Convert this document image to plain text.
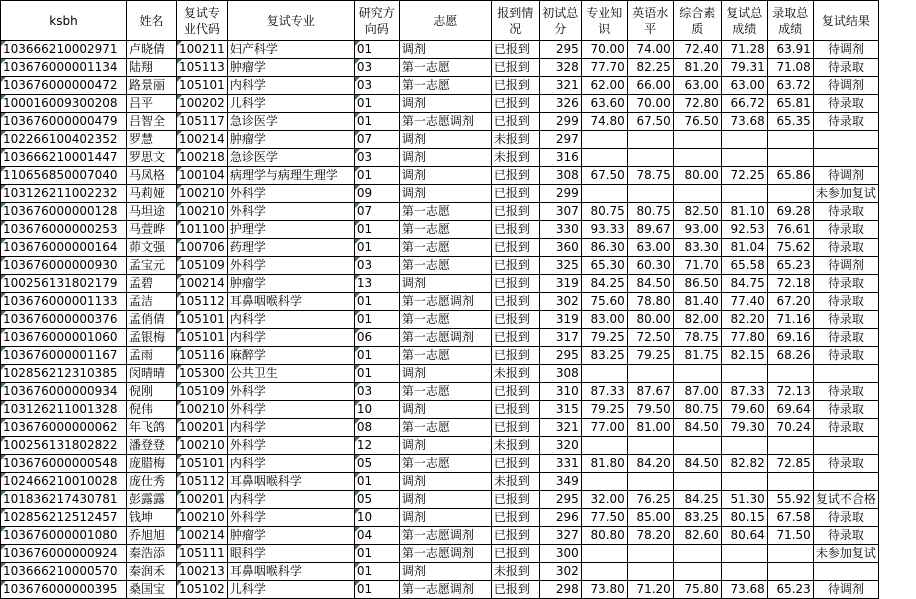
ksbh	姓名	复试专业代码	复试专业	研究方向码	志愿	报到情况	初试总分	专业知识	英语水平	综合素质	复试总成绩	录取总成绩	复试结果
103666210002971	卢晓倩	100211	妇产科学	01	调剂	已报到	295	70.00	74.00	72.40	71.28	63.91	待调剂
103676000001134	陆翔	105113	肿瘤学	03	第一志愿	已报到	328	77.70	82.25	81.20	79.31	71.08	待录取
103676000000472	路景丽	105101	内科学	03	第一志愿	已报到	321	62.00	66.00	63.00	63.00	63.72	待调剂
100016009300208	吕平	100202	儿科学	01	调剂	已报到	326	63.60	70.00	72.80	66.72	65.81	待录取
103676000000479	吕智全	105117	急诊医学	01	第一志愿调剂	已报到	299	74.80	67.50	76.50	73.68	65.35	待录取
102266100402352	罗慧	100214	肿瘤学	07	调剂	未报到	297						
103666210001447	罗思文	100218	急诊医学	03	调剂	未报到	316						
110656850007040	马凤格	100104	病理学与病理生理学	01	调剂	已报到	308	67.50	78.75	80.00	72.25	65.86	待调剂
103126211002232	马莉娅	100210	外科学	09	调剂	已报到	299						未参加复试
103676000000128	马坦途	100210	外科学	07	第一志愿	已报到	307	80.75	80.75	82.50	81.10	69.28	待录取
103676000000253	马萱晔	101100	护理学	01	第一志愿	已报到	330	93.33	89.67	93.00	92.53	76.61	待录取
103676000000164	茆文强	100706	药理学	01	第一志愿	已报到	360	86.30	63.00	83.30	81.04	75.62	待录取
103676000000930	孟宝元	105109	外科学	03	第一志愿	已报到	325	65.30	60.30	71.70	65.58	65.23	待调剂
100256131802179	孟碧	100214	肿瘤学	13	调剂	已报到	319	84.25	84.50	86.50	84.75	72.18	待录取
103676000001133	孟洁	105112	耳鼻咽喉科学	01	第一志愿调剂	已报到	302	75.60	78.80	81.40	77.40	67.20	待录取
103676000000376	孟俏倩	105101	内科学	01	第一志愿	已报到	319	83.00	80.00	82.00	82.20	71.16	待录取
103676000001060	孟银梅	105101	内科学	06	第一志愿调剂	已报到	317	79.25	72.50	78.75	77.80	69.16	待录取
103676000001167	孟雨	105116	麻醉学	01	第一志愿	已报到	295	83.25	79.25	81.75	82.15	68.26	待录取
102856212310385	闵晴晴	105300	公共卫生	01	调剂	未报到	308						
103676000000934	倪刚	105109	外科学	03	第一志愿	已报到	310	87.33	87.67	87.00	87.33	72.13	待录取
103126211001328	倪伟	100210	外科学	10	调剂	已报到	315	79.25	79.50	80.75	79.60	69.64	待录取
103676000000062	年飞鸽	100201	内科学	08	第一志愿	已报到	321	77.00	81.00	84.50	79.30	70.24	待录取
100256131802822	潘登登	100210	外科学	12	调剂	未报到	320						
103676000000548	庞腊梅	105101	内科学	05	第一志愿	已报到	331	81.80	84.20	84.50	82.82	72.85	待录取
102466210010028	庞仕秀	105112	耳鼻咽喉科学	01	调剂	未报到	349						
101836217430781	彭露露	100201	内科学	05	调剂	已报到	295	32.00	76.25	84.25	51.30	55.92	复试不合格
102856212512457	钱坤	100210	外科学	10	调剂	已报到	296	77.50	85.00	83.25	80.15	67.58	待录取
103676000001080	乔旭旭	100214	肿瘤学	04	第一志愿调剂	已报到	327	80.80	78.20	82.60	80.64	71.50	待录取
103676000000924	秦浩添	105111	眼科学	01	第一志愿调剂	已报到	300						未参加复试
103666210000570	秦润禾	100213	耳鼻咽喉科学	01	调剂	未报到	302						
103676000000395	桑国宝	105102	儿科学	01	第一志愿调剂	已报到	298	73.80	71.20	75.80	73.68	65.23	待调剂
